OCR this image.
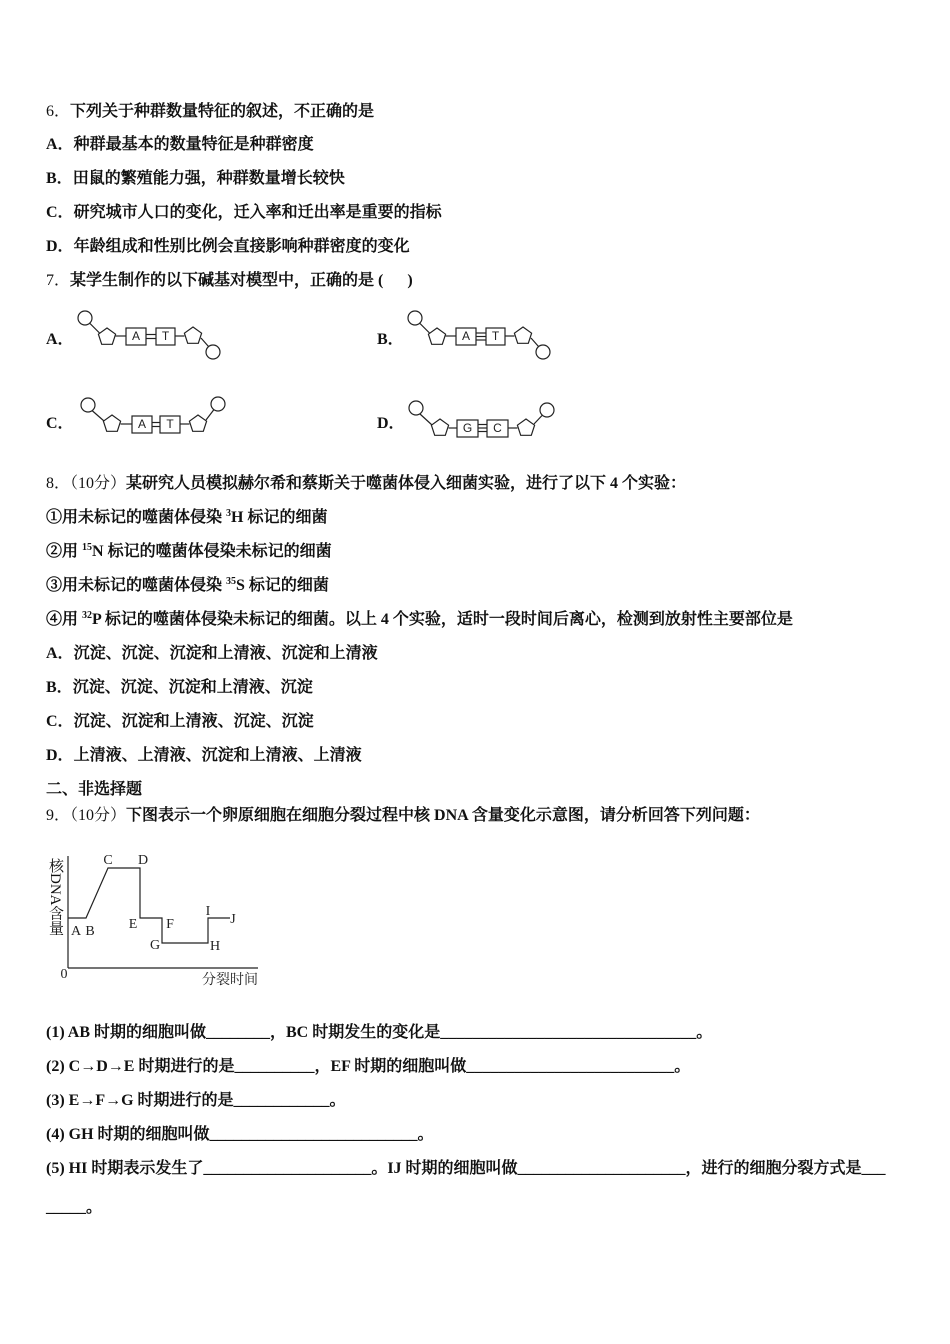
6．下列关于种群数量特征的叙述，不正确的是
A．种群最基本的数量特征是种群密度
B．田鼠的繁殖能力强，种群数量增长较快
C．研究城市人口的变化，迁入率和迁出率是重要的指标
D．年龄组成和性别比例会直接影响种群密度的变化
7．某学生制作的以下碱基对模型中，正确的是 (      )
A．	A T	B．	A T
C．	A T	D．	G C
8．（10分）某研究人员模拟赫尔希和蔡斯关于噬菌体侵入细菌实验，进行了以下 4 个实验：
①用未标记的噬菌体侵染 $^3$H 标记的细菌
②用 $^{15}$N 标记的噬菌体侵染未标记的细菌
③用未标记的噬菌体侵染 $^{35}$S 标记的细菌
④用 $^{32}$P 标记的噬菌体侵染未标记的细菌。以上 4 个实验，适时一段时间后离心，检测到放射性主要部位是
A．沉淀、沉淀、沉淀和上清液、沉淀和上清液
B．沉淀、沉淀、沉淀和上清液、沉淀
C．沉淀、沉淀和上清液、沉淀、沉淀
D．上清液、上清液、沉淀和上清液、上清液
二、非选择题
9．（10分）下图表示一个卵原细胞在细胞分裂过程中核 DNA 含量变化示意图，请分析回答下列问题：
核DNA含量 A B
C D
E F
G	H
I
J
0	分裂时间
(1) AB 时期的细胞叫做________，BC 时期发生的变化是________________________________。
(2) C→D→E 时期进行的是__________，EF 时期的细胞叫做__________________________。
(3) E→F→G 时期进行的是____________。
(4) GH 时期的细胞叫做__________________________。
(5) HI 时期表示发生了_____________________。IJ 时期的细胞叫做_____________________，进行的细胞分裂方式是___
_____。
